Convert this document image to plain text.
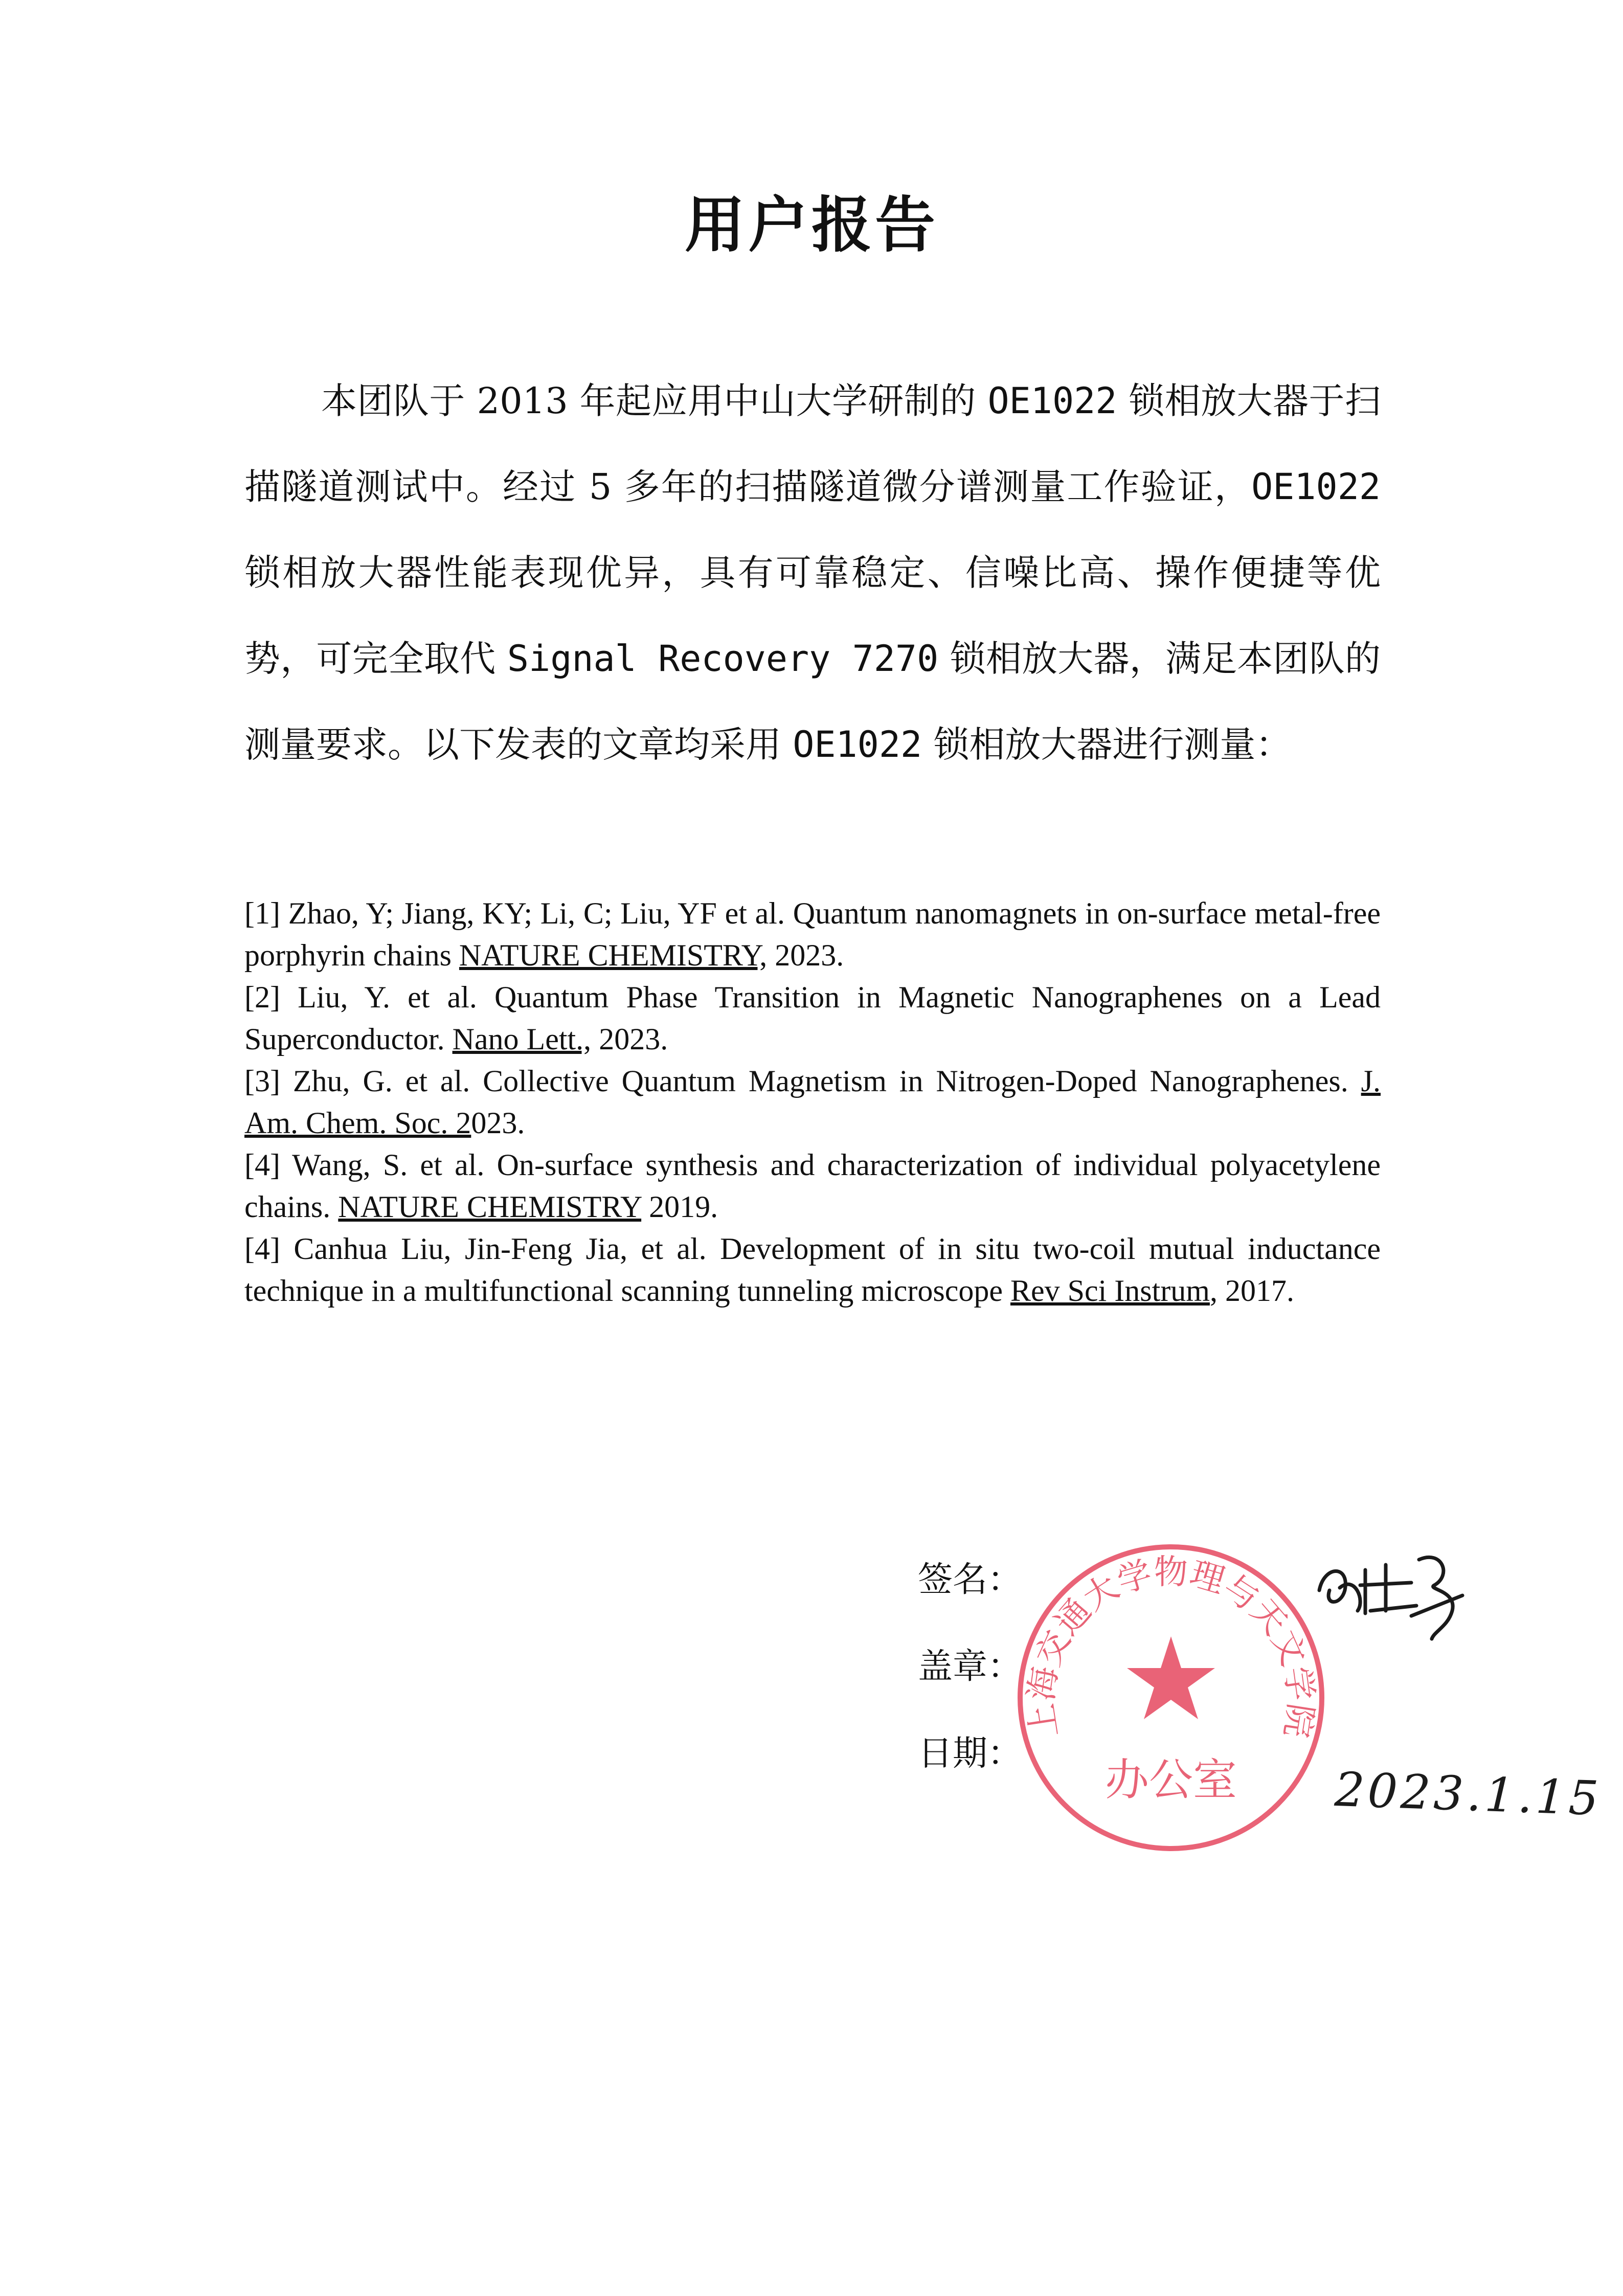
用户报告

本团队于 2013 年起应用中山大学研制的 OE1022 锁相放大器于扫描隧道测试中。经过 5 多年的扫描隧道微分谱测量工作验证，OE1022 锁相放大器性能表现优异，具有可靠稳定、信噪比高、操作便捷等优势，可完全取代 Signal Recovery 7270 锁相放大器，满足本团队的测量要求。以下发表的文章均采用 OE1022 锁相放大器进行测量：

[1] Zhao, Y; Jiang, KY; Li, C; Liu, YF et al. Quantum nanomagnets in on-surface metal-free porphyrin chains NATURE CHEMISTRY, 2023.
[2] Liu, Y. et al. Quantum Phase Transition in Magnetic Nanographenes on a Lead Superconductor. Nano Lett., 2023.
[3] Zhu, G. et al. Collective Quantum Magnetism in Nitrogen-Doped Nanographenes. J. Am. Chem. Soc. 2023.
[4] Wang, S. et al. On-surface synthesis and characterization of individual polyacetylene chains. NATURE CHEMISTRY 2019.
[4] Canhua Liu, Jin-Feng Jia, et al. Development of in situ two-coil mutual inductance technique in a multifunctional scanning tunneling microscope Rev Sci Instrum, 2017.
签名：
盖章：
日期：
上海交通大学物理与天文学院
办公室 2023.1.15
